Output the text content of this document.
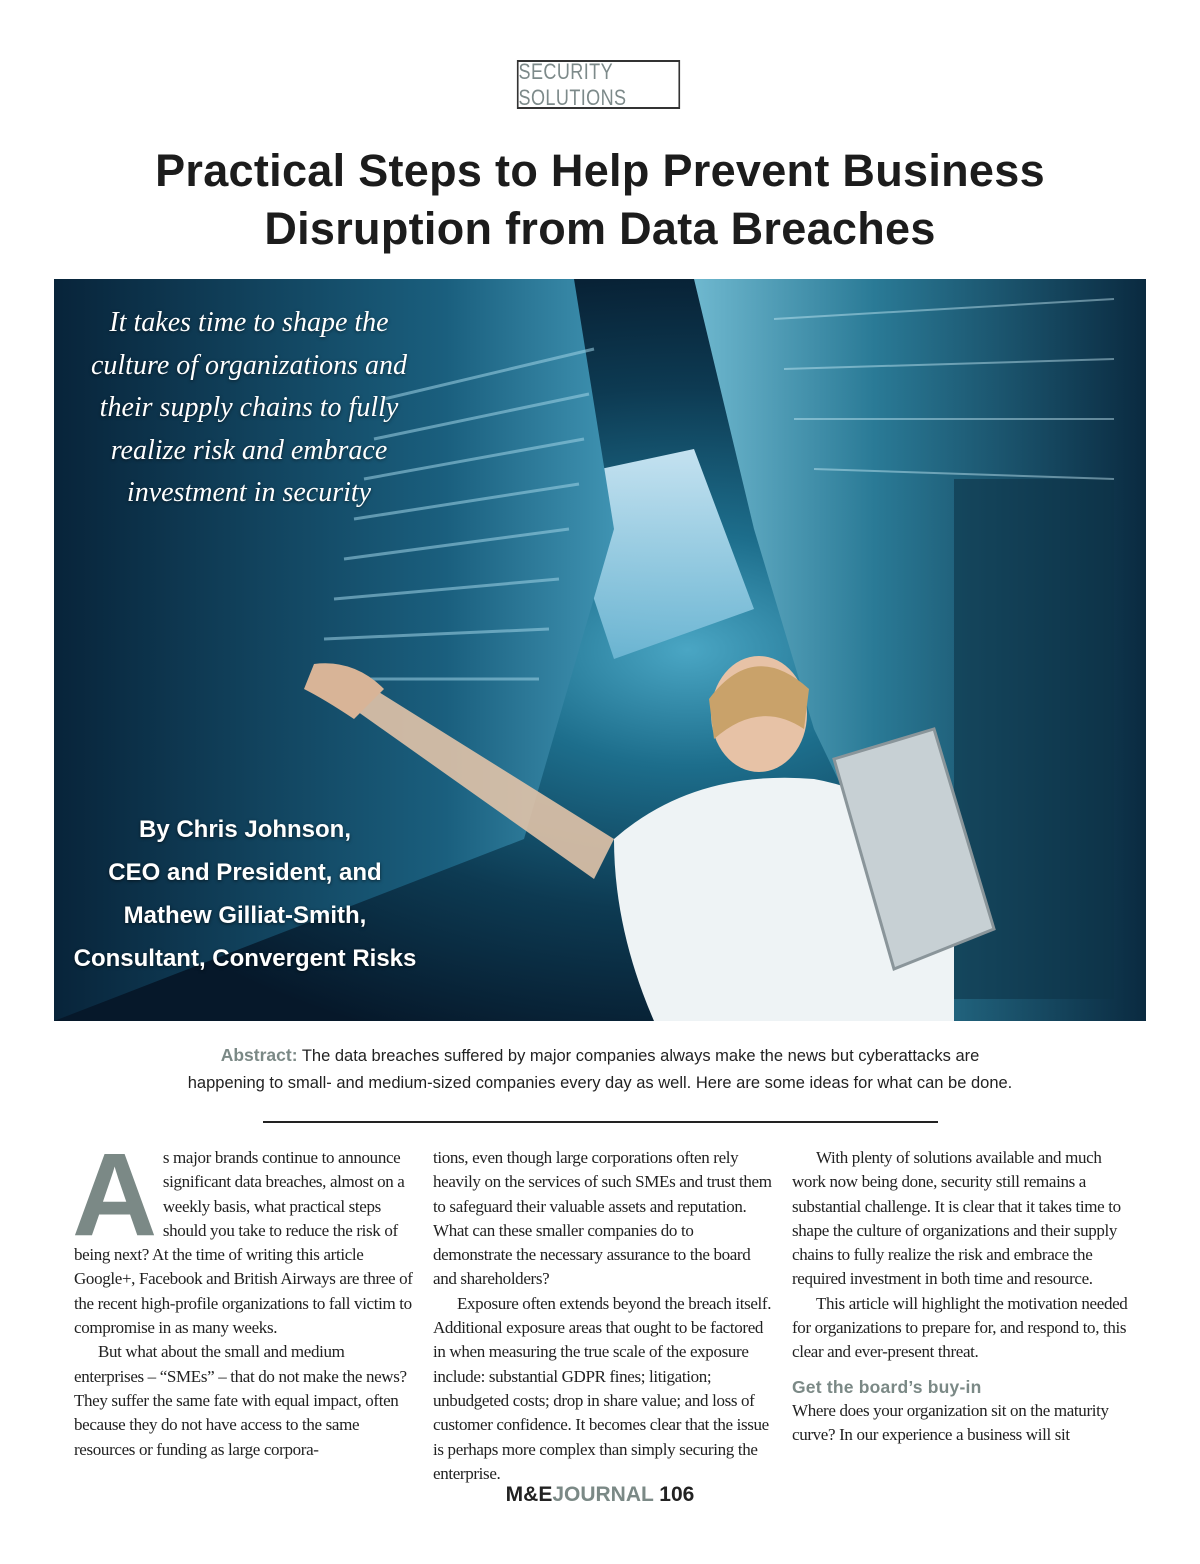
SECURITY SOLUTIONS
Practical Steps to Help Prevent Business
Disruption from Data Breaches
It takes time to shape the
culture of organizations and
their supply chains to fully
realize risk and embrace
investment in security
By Chris Johnson,
CEO and President, and
Mathew Gilliat-Smith,
Consultant, Convergent Risks
Abstract: The data breaches suffered by major companies always make the news but cyberattacks are
happening to small- and medium-sized companies every day as well. Here are some ideas for what can be done.
A s major brands continue to announce significant data breaches, almost on a weekly basis, what practical steps should you take to reduce the risk of being next? At the time of writing this article Google+, Facebook and British Airways are three of the recent high-profile organizations to fall victim to compromise in as many weeks.

But what about the small and medium enterprises – “SMEs” – that do not make the news? They suffer the same fate with equal impact, often because they do not have access to the same resources or funding as large corpora-

tions, even though large corporations often rely heavily on the services of such SMEs and trust them to safeguard their valuable assets and reputation. What can these smaller companies do to demonstrate the necessary assurance to the board and shareholders?

Exposure often extends beyond the breach itself. Additional exposure areas that ought to be factored in when measuring the true scale of the exposure include: substantial GDPR fines; litigation; unbudgeted costs; drop in share value; and loss of customer confidence. It becomes clear that the issue is perhaps more complex than simply securing the enterprise.

With plenty of solutions available and much work now being done, security still remains a substantial challenge. It is clear that it takes time to shape the culture of organizations and their supply chains to fully realize the risk and embrace the required investment in both time and resource.

This article will highlight the motivation needed for organizations to prepare for, and respond to, this clear and ever-present threat.

Get the board’s buy-in

Where does your organization sit on the maturity curve? In our experience a business will sit

M&EJOURNAL 106
